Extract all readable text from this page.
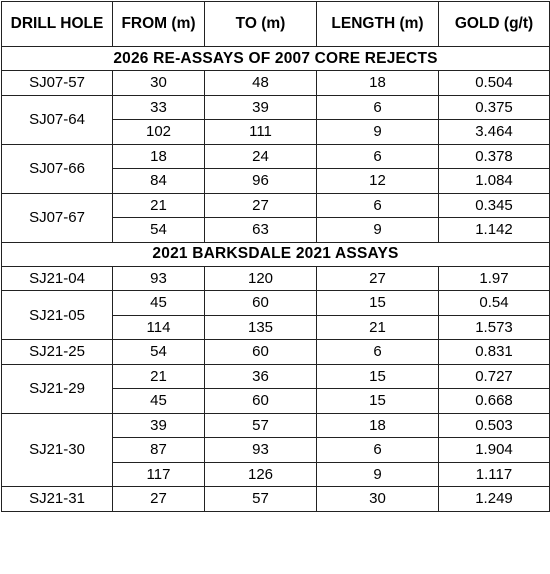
DRILL HOLE	FROM (m)	TO (m)	LENGTH (m)	GOLD (g/t)
2026 RE-ASSAYS OF 2007 CORE REJECTS				
SJ07-57	30	48	18	0.504
SJ07-64	33	39	6	0.375
	102	111	9	3.464
SJ07-66	18	24	6	0.378
	84	96	12	1.084
SJ07-67	21	27	6	0.345
	54	63	9	1.142
2021 BARKSDALE 2021 ASSAYS				
SJ21-04	93	120	27	1.97
SJ21-05	45	60	15	0.54
	114	135	21	1.573
SJ21-25	54	60	6	0.831
SJ21-29	21	36	15	0.727
	45	60	15	0.668
SJ21-30	39	57	18	0.503
	87	93	6	1.904
	117	126	9	1.117
SJ21-31	27	57	30	1.249
